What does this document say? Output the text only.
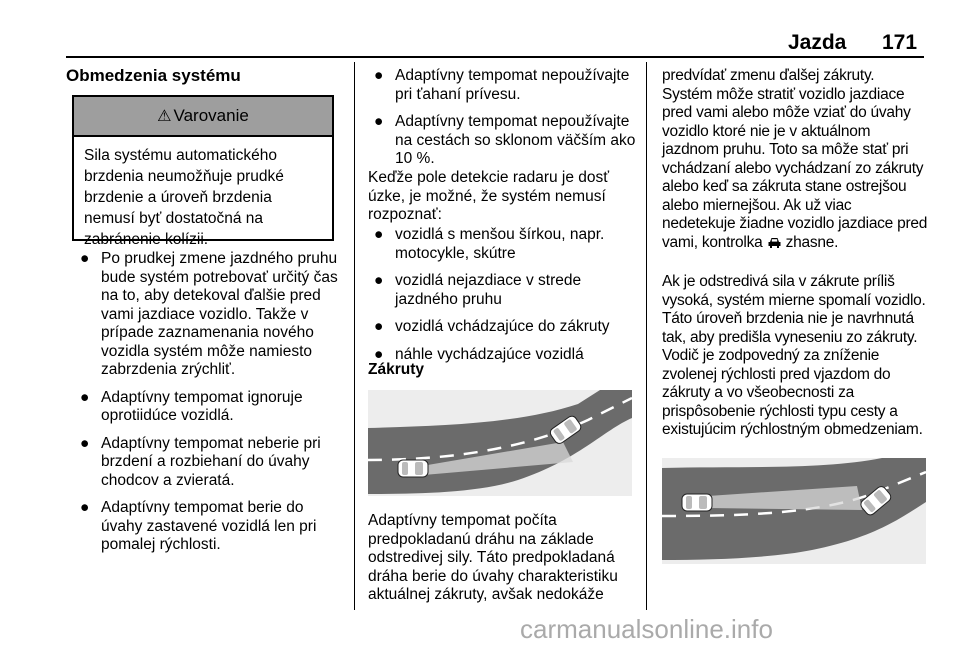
Jazda 171
Obmedzenia systému
⚠ Varovanie
Sila systému automatického brzdenia neumožňuje prudké brzdenie a úroveň brzdenia nemusí byť dostatočná na zabránenie kolízii.
● Po prudkej zmene jazdného pruhu bude systém potrebovať určitý čas na to, aby detekoval ďalšie pred vami jazdiace vozidlo. Takže v prípade zaznamenania nového vozidla systém môže namiesto zabrzdenia zrýchliť.
● Adaptívny tempomat ignoruje oprotiidúce vozidlá.
● Adaptívny tempomat neberie pri brzdení a rozbiehaní do úvahy chodcov a zvieratá.
● Adaptívny tempomat berie do úvahy zastavené vozidlá len pri pomalej rýchlosti.
● Adaptívny tempomat nepoužívajte pri ťahaní prívesu.
● Adaptívny tempomat nepoužívajte na cestách so sklonom väčším ako 10 %.
Keďže pole detekcie radaru je dosť úzke, je možné, že systém nemusí rozpoznať:
● vozidlá s menšou šírkou, napr. motocykle, skútre
● vozidlá nejazdiace v strede jazdného pruhu
● vozidlá vchádzajúce do zákruty
● náhle vychádzajúce vozidlá
Zákruty
Adaptívny tempomat počíta predpokladanú dráhu na základe odstredivej sily. Táto predpokladaná dráha berie do úvahy charakteristiku aktuálnej zákruty, avšak nedokáže
predvídať zmenu ďalšej zákruty. Systém môže stratiť vozidlo jazdiace pred vami alebo môže vziať do úvahy vozidlo ktoré nie je v aktuálnom jazdnom pruhu. Toto sa môže stať pri vchádzaní alebo vychádzaní zo zákruty alebo keď sa zákruta stane ostrejšou alebo miernejšou. Ak už viac nedetekuje žiadne vozidlo jazdiace pred vami, kontrolka zhasne.
Ak je odstredivá sila v zákrute príliš vysoká, systém mierne spomalí vozidlo. Táto úroveň brzdenia nie je navrhnutá tak, aby predišla vyneseniu zo zákruty. Vodič je zodpovedný za zníženie zvolenej rýchlosti pred vjazdom do zákruty a vo všeobecnosti za prispôsobenie rýchlosti typu cesty a existujúcim rýchlostným obmedzeniam.
carmanualsonline.info
